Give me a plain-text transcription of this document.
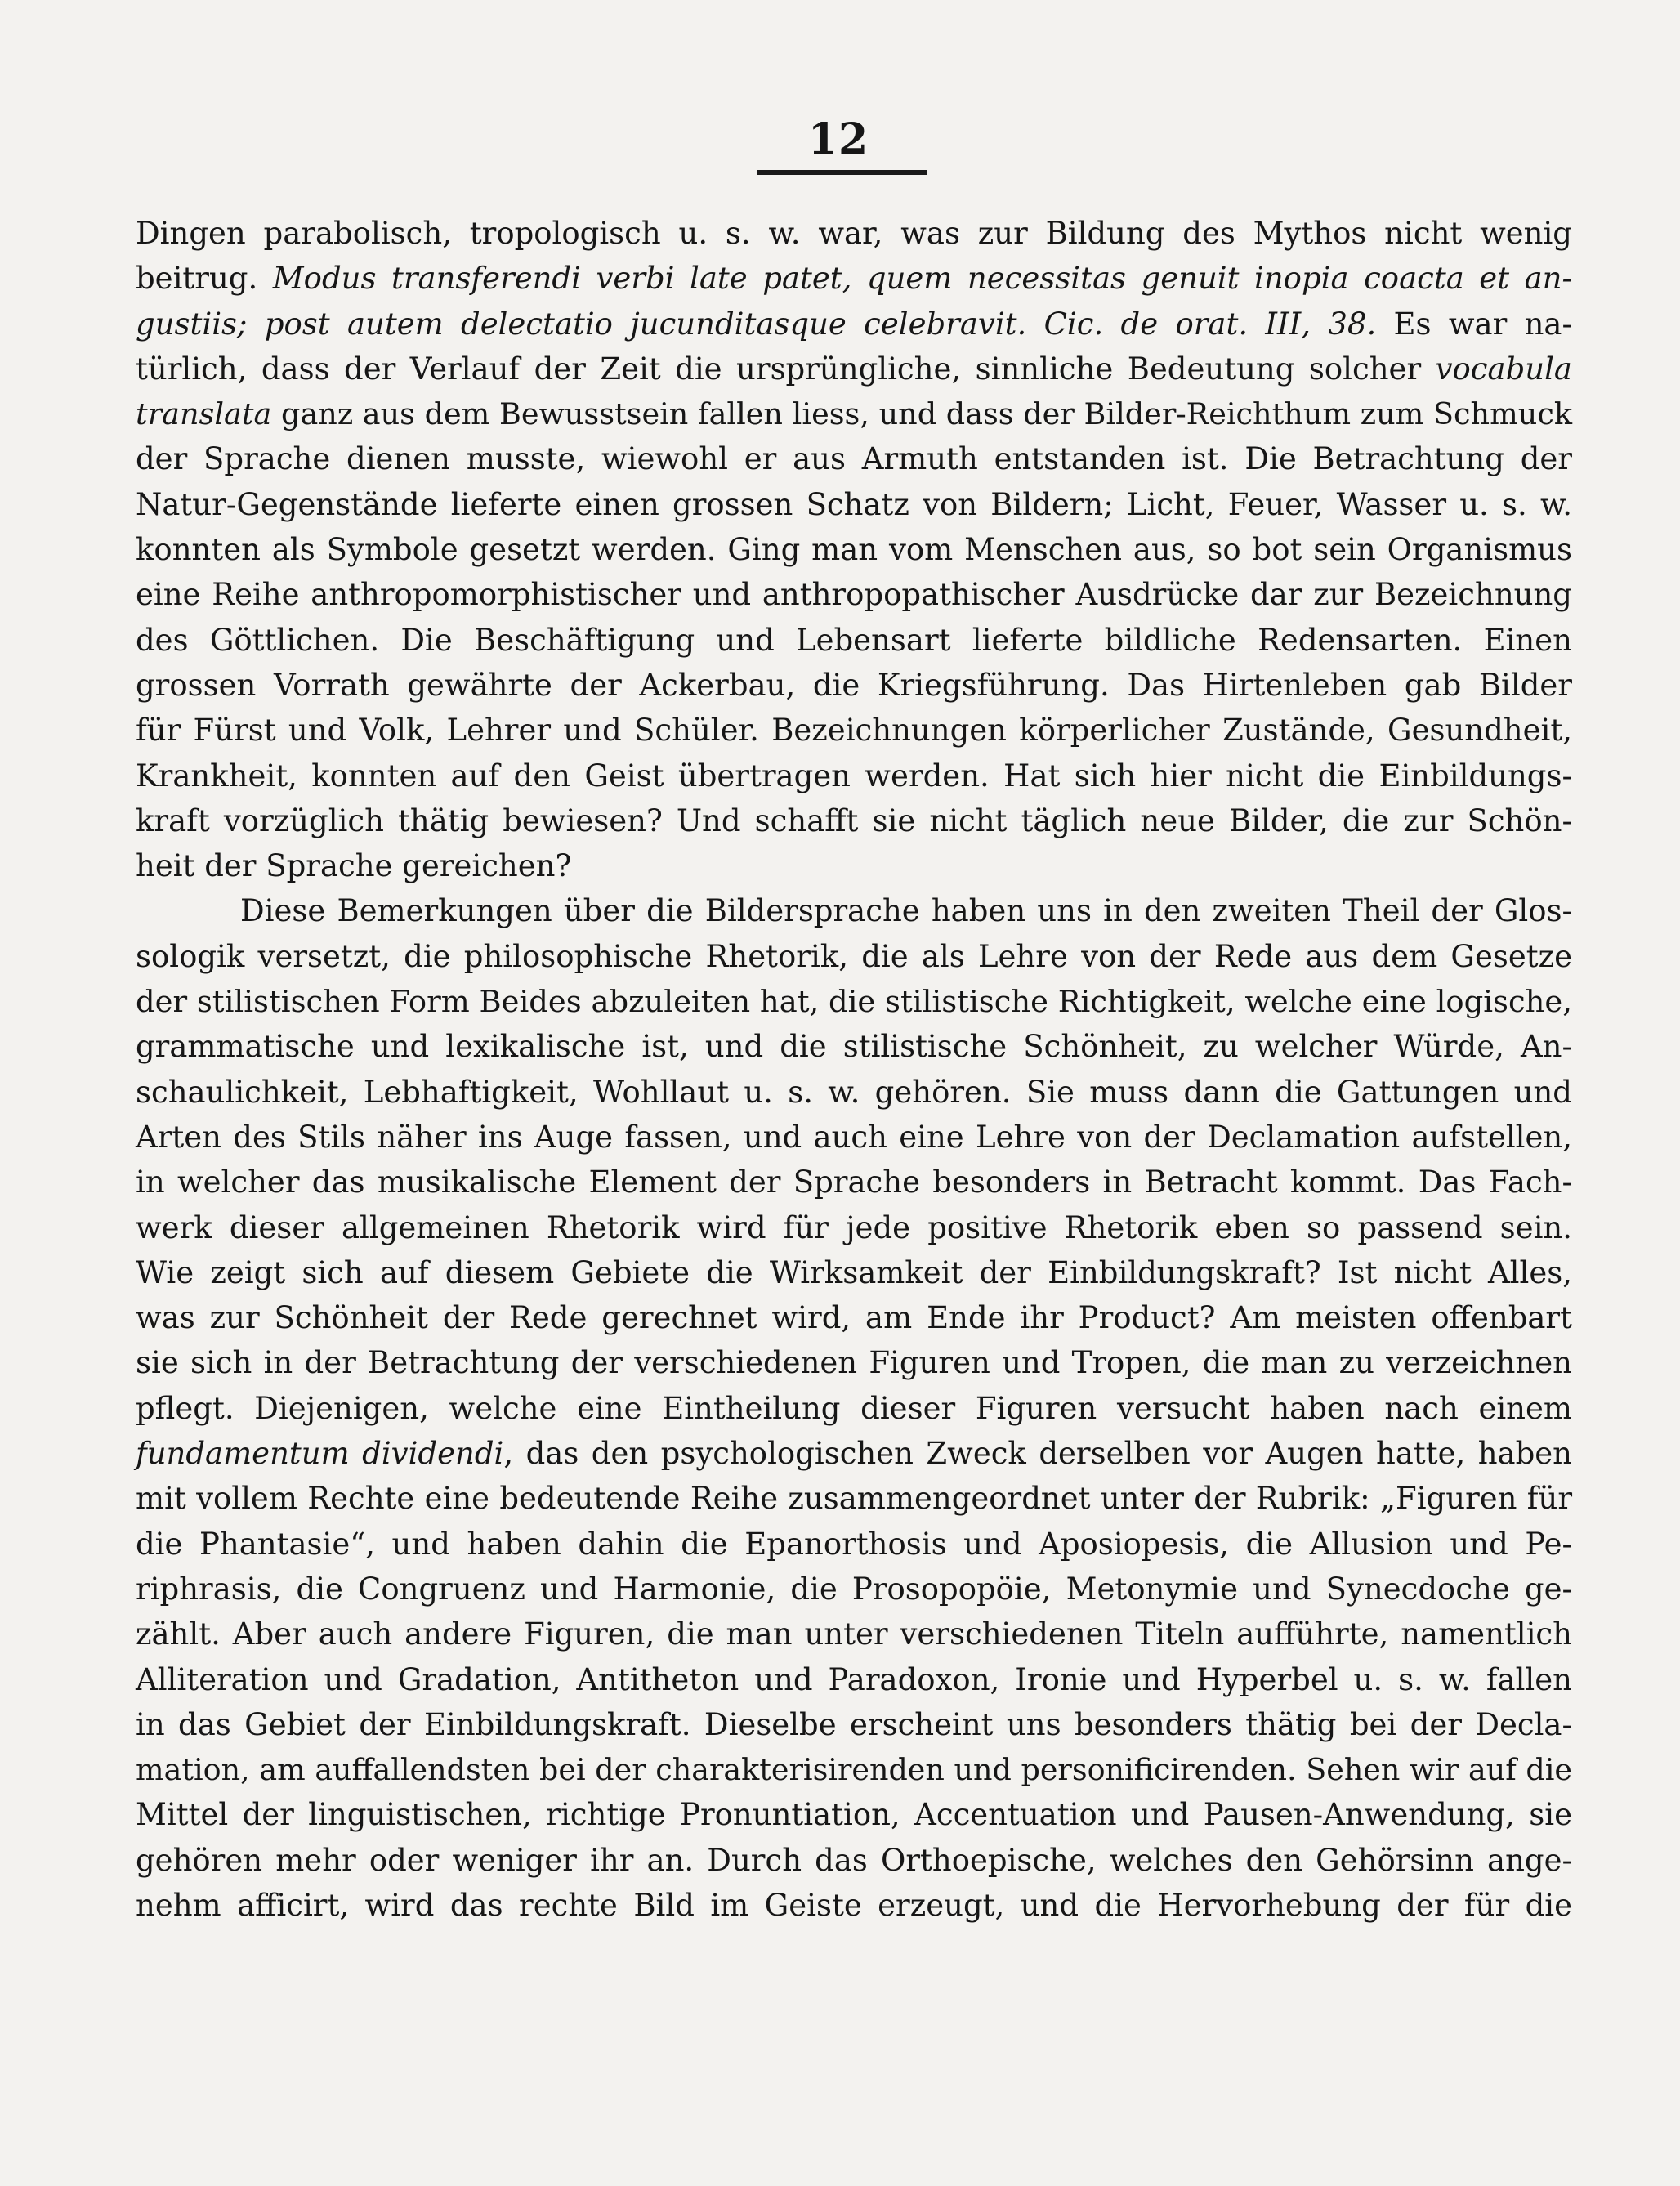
12
Dingen parabolisch, tropologisch u. s. w. war, was zur Bildung des Mythos nicht wenig
beitrug. Modus transferendi verbi late patet, quem necessitas genuit inopia coacta et an-
gustiis; post autem delectatio jucunditasque celebravit. Cic. de orat. III, 38. Es war na-
türlich, dass der Verlauf der Zeit die ursprüngliche, sinnliche Bedeutung solcher vocabula
translata ganz aus dem Bewusstsein fallen liess, und dass der Bilder-Reichthum zum Schmuck
der Sprache dienen musste, wiewohl er aus Armuth entstanden ist. Die Betrachtung der
Natur-Gegenstände lieferte einen grossen Schatz von Bildern; Licht, Feuer, Wasser u. s. w.
konnten als Symbole gesetzt werden. Ging man vom Menschen aus, so bot sein Organismus
eine Reihe anthropomorphistischer und anthropopathischer Ausdrücke dar zur Bezeichnung
des Göttlichen. Die Beschäftigung und Lebensart lieferte bildliche Redensarten. Einen
grossen Vorrath gewährte der Ackerbau, die Kriegsführung. Das Hirtenleben gab Bilder
für Fürst und Volk, Lehrer und Schüler. Bezeichnungen körperlicher Zustände, Gesundheit,
Krankheit, konnten auf den Geist übertragen werden. Hat sich hier nicht die Einbildungs-
kraft vorzüglich thätig bewiesen? Und schafft sie nicht täglich neue Bilder, die zur Schön-
heit der Sprache gereichen?
Diese Bemerkungen über die Bildersprache haben uns in den zweiten Theil der Glos-
sologik versetzt, die philosophische Rhetorik, die als Lehre von der Rede aus dem Gesetze
der stilistischen Form Beides abzuleiten hat, die stilistische Richtigkeit, welche eine logische,
grammatische und lexikalische ist, und die stilistische Schönheit, zu welcher Würde, An-
schaulichkeit, Lebhaftigkeit, Wohllaut u. s. w. gehören. Sie muss dann die Gattungen und
Arten des Stils näher ins Auge fassen, und auch eine Lehre von der Declamation aufstellen,
in welcher das musikalische Element der Sprache besonders in Betracht kommt. Das Fach-
werk dieser allgemeinen Rhetorik wird für jede positive Rhetorik eben so passend sein.
Wie zeigt sich auf diesem Gebiete die Wirksamkeit der Einbildungskraft? Ist nicht Alles,
was zur Schönheit der Rede gerechnet wird, am Ende ihr Product? Am meisten offenbart
sie sich in der Betrachtung der verschiedenen Figuren und Tropen, die man zu verzeichnen
pflegt. Diejenigen, welche eine Eintheilung dieser Figuren versucht haben nach einem
fundamentum dividendi, das den psychologischen Zweck derselben vor Augen hatte, haben
mit vollem Rechte eine bedeutende Reihe zusammengeordnet unter der Rubrik: „Figuren für
die Phantasie“, und haben dahin die Epanorthosis und Aposiopesis, die Allusion und Pe-
riphrasis, die Congruenz und Harmonie, die Prosopopöie, Metonymie und Synecdoche ge-
zählt. Aber auch andere Figuren, die man unter verschiedenen Titeln aufführte, namentlich
Alliteration und Gradation, Antitheton und Paradoxon, Ironie und Hyperbel u. s. w. fallen
in das Gebiet der Einbildungskraft. Dieselbe erscheint uns besonders thätig bei der Decla-
mation, am auffallendsten bei der charakterisirenden und personificirenden. Sehen wir auf die
Mittel der linguistischen, richtige Pronuntiation, Accentuation und Pausen-Anwendung, sie
gehören mehr oder weniger ihr an. Durch das Orthoepische, welches den Gehörsinn ange-
nehm afficirt, wird das rechte Bild im Geiste erzeugt, und die Hervorhebung der für die
